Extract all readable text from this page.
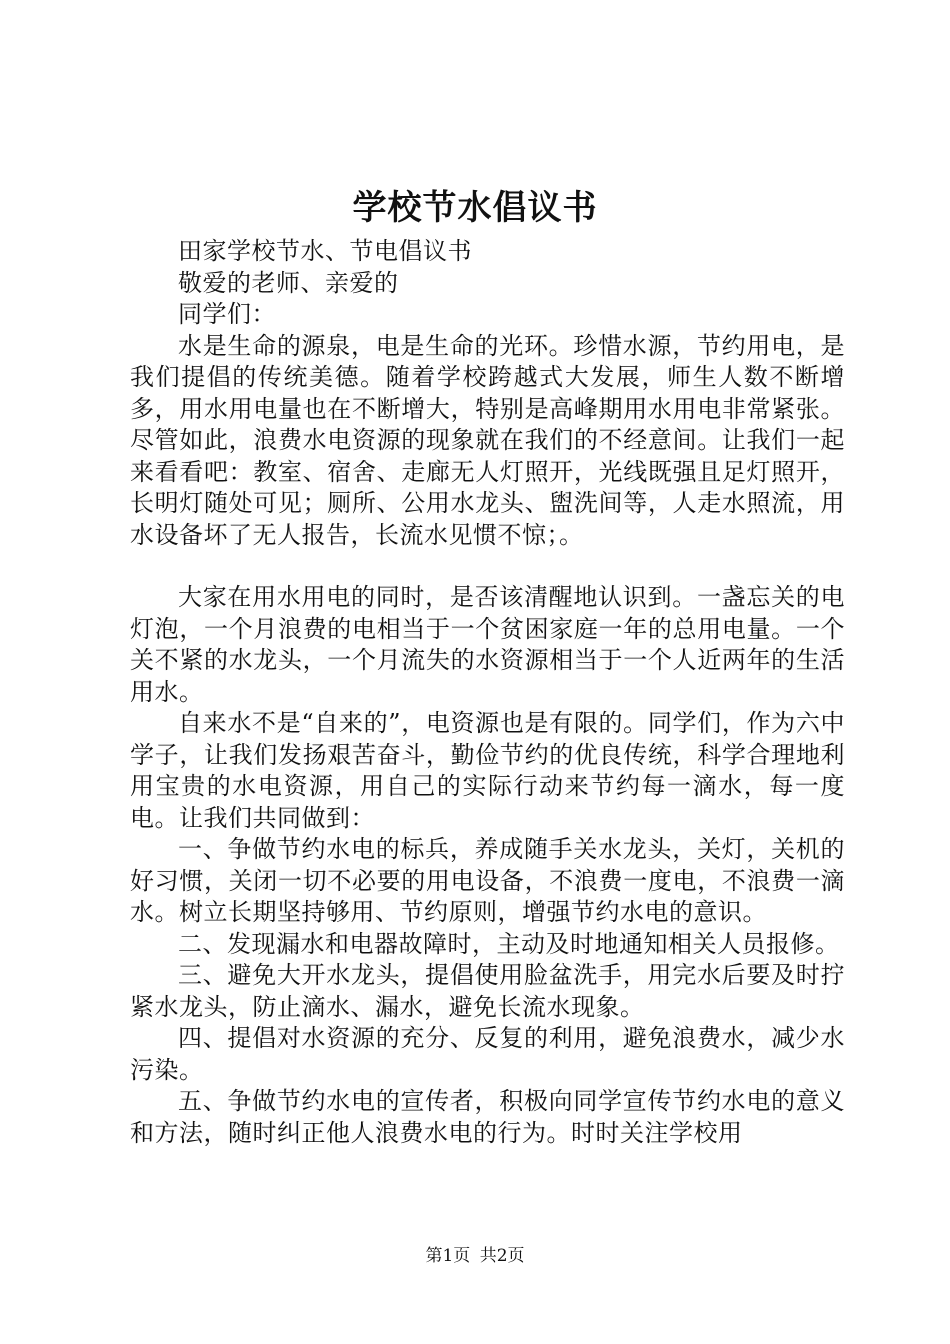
学校节水倡议书

田家学校节水、节电倡议书

敬爱的老师、亲爱的

同学们：

水是生命的源泉，电是生命的光环。珍惜水源，节约用电，是我们提倡的传统美德。随着学校跨越式大发展，师生人数不断增多，用水用电量也在不断增大，特别是高峰期用水用电非常紧张。尽管如此，浪费水电资源的现象就在我们的不经意间。让我们一起来看看吧：教室、宿舍、走廊无人灯照开，光线既强且足灯照开，长明灯随处可见；厕所、公用水龙头、盥洗间等，人走水照流，用水设备坏了无人报告，长流水见惯不惊；。

大家在用水用电的同时，是否该清醒地认识到。一盏忘关的电灯泡，一个月浪费的电相当于一个贫困家庭一年的总用电量。一个关不紧的水龙头，一个月流失的水资源相当于一个人近两年的生活用水。

自来水不是“自来的”，电资源也是有限的。同学们，作为六中学子，让我们发扬艰苦奋斗，勤俭节约的优良传统，科学合理地利用宝贵的水电资源，用自己的实际行动来节约每一滴水，每一度电。让我们共同做到：

一、争做节约水电的标兵，养成随手关水龙头，关灯，关机的好习惯，关闭一切不必要的用电设备，不浪费一度电，不浪费一滴水。树立长期坚持够用、节约原则，增强节约水电的意识。

二、发现漏水和电器故障时，主动及时地通知相关人员报修。

三、避免大开水龙头，提倡使用脸盆洗手，用完水后要及时拧紧水龙头，防止滴水、漏水，避免长流水现象。

四、提倡对水资源的充分、反复的利用，避免浪费水，减少水污染。

五、争做节约水电的宣传者，积极向同学宣传节约水电的意义和方法，随时纠正他人浪费水电的行为。时时关注学校用

第1页 共2页
